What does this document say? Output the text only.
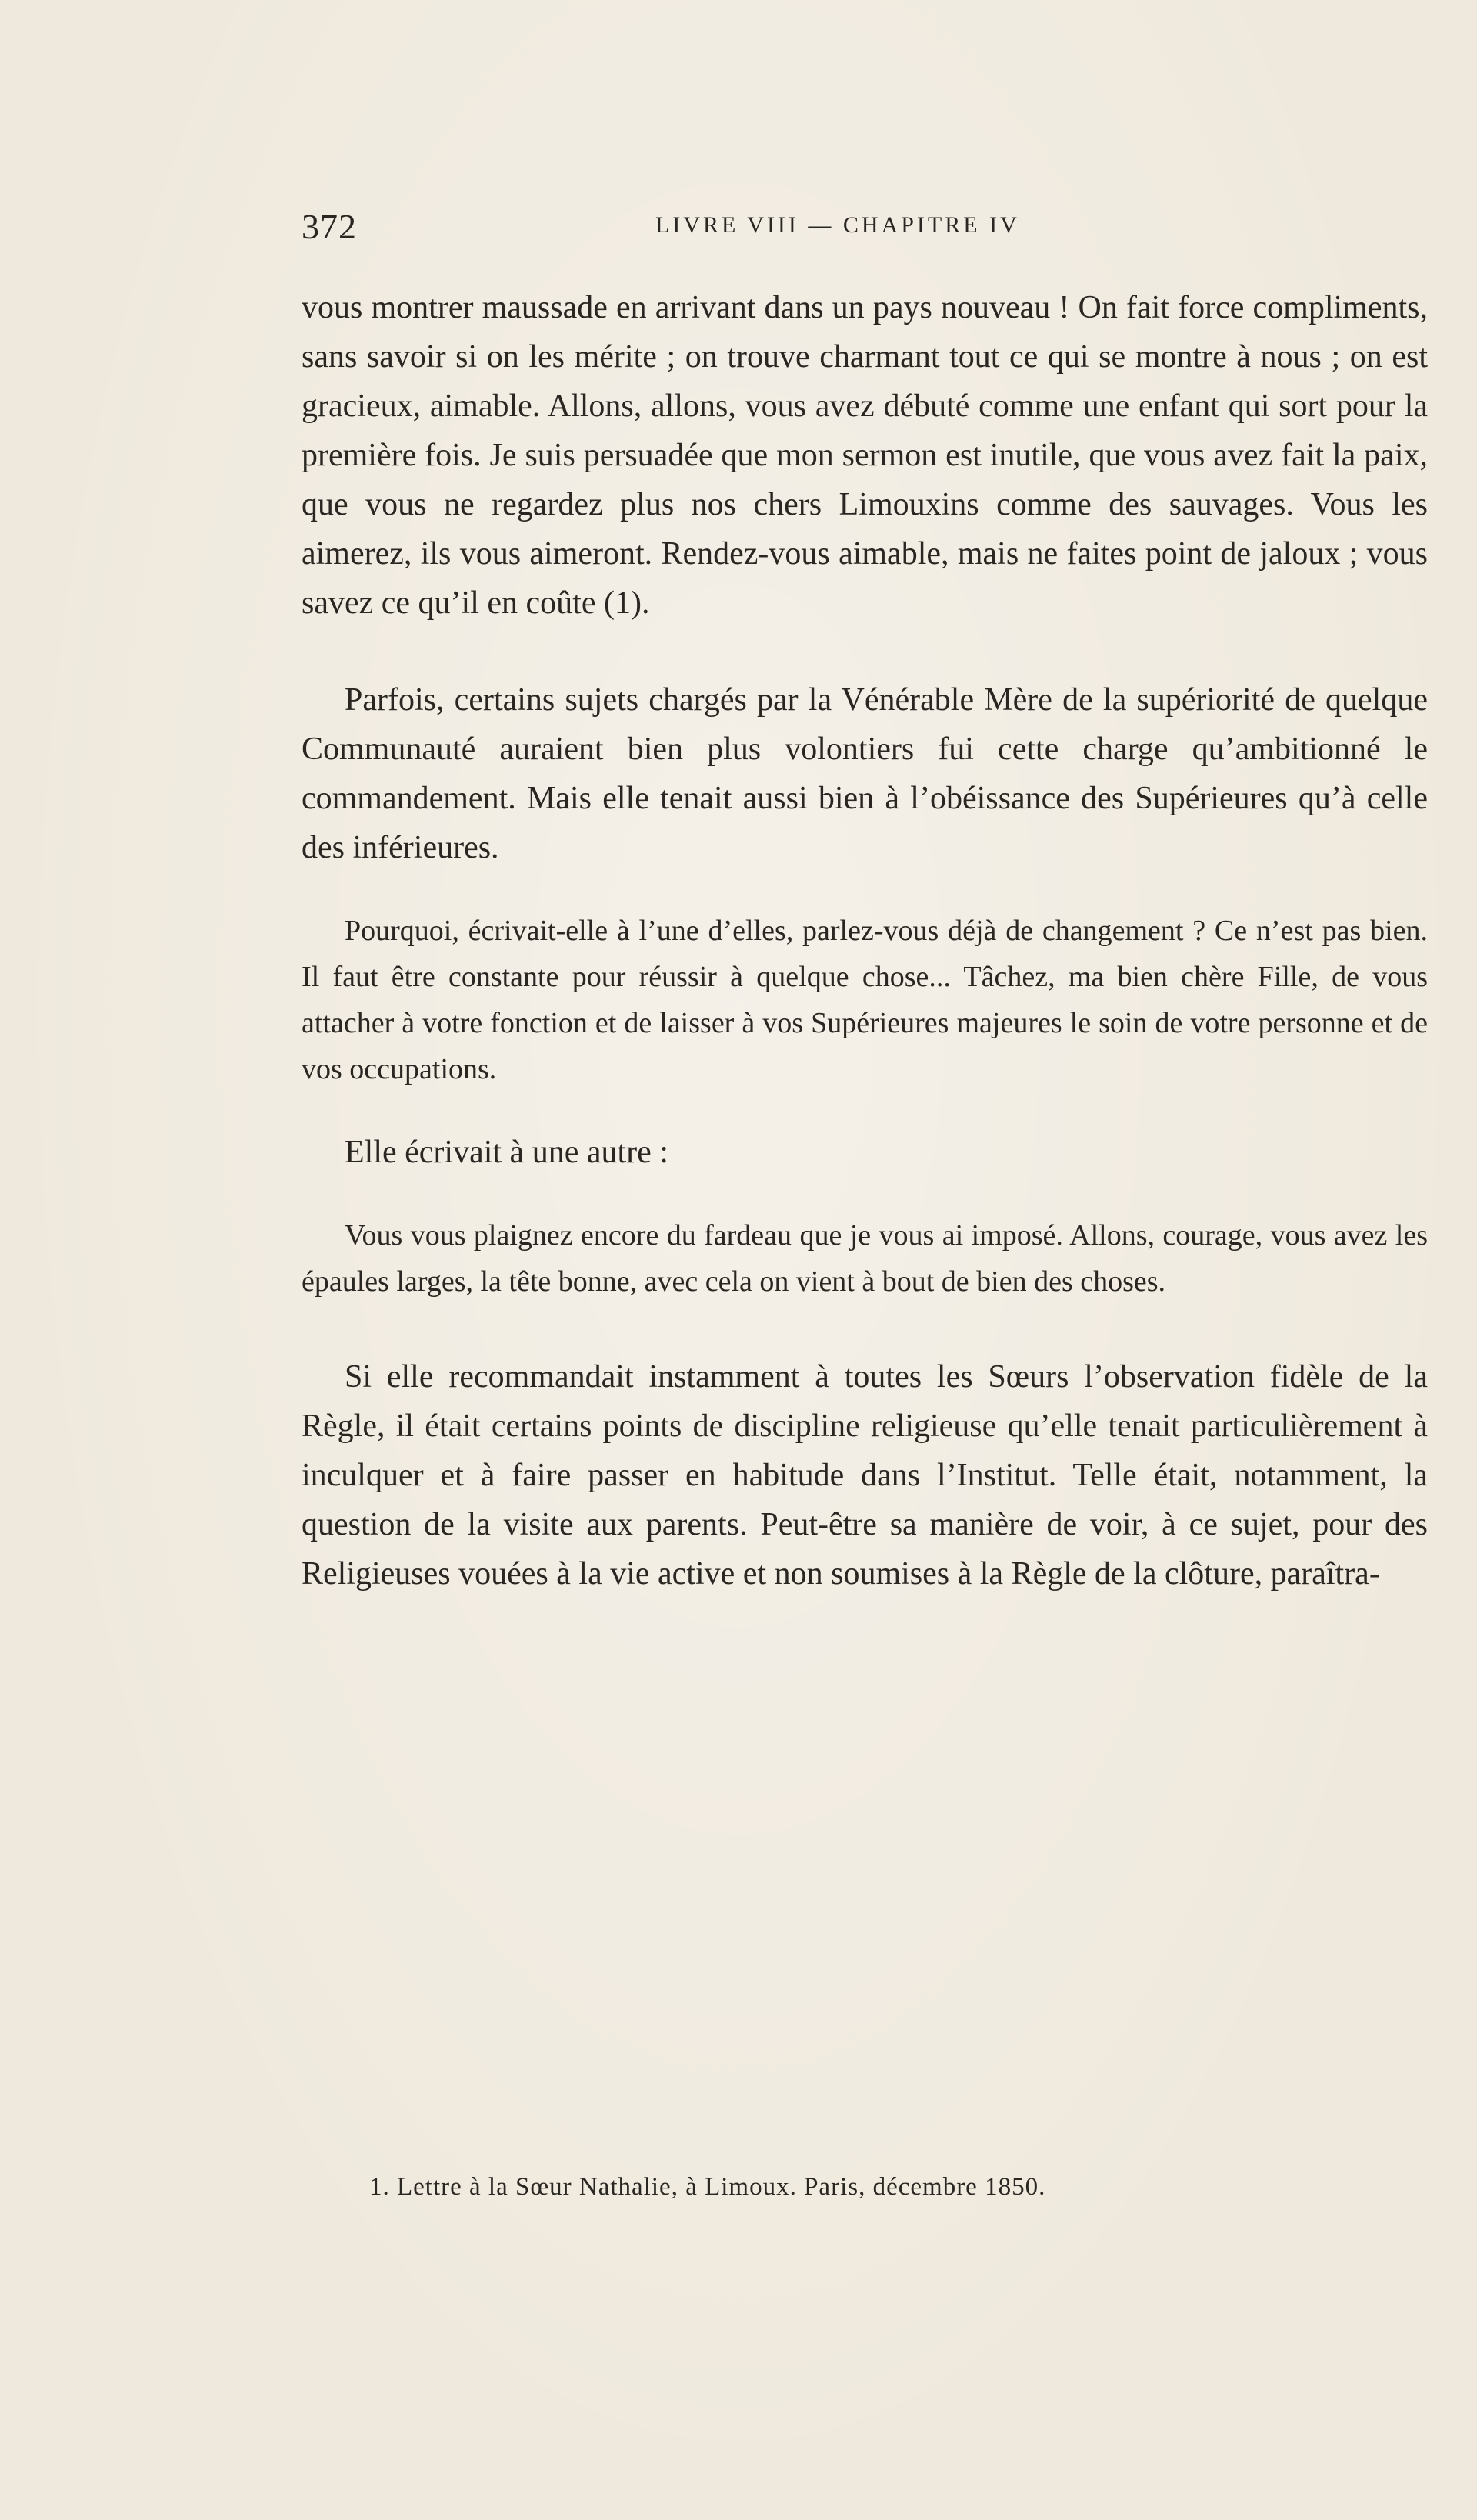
372	LIVRE VIII — CHAPITRE IV

vous montrer maussade en arrivant dans un pays nouveau ! On fait force compliments, sans savoir si on les mérite ; on trouve charmant tout ce qui se montre à nous ; on est gracieux, aimable. Allons, allons, vous avez débuté comme une enfant qui sort pour la première fois. Je suis persuadée que mon sermon est inutile, que vous avez fait la paix, que vous ne regardez plus nos chers Limouxins comme des sauvages. Vous les aimerez, ils vous aimeront. Rendez-vous aimable, mais ne faites point de jaloux ; vous savez ce qu’il en coûte (1).

Parfois, certains sujets chargés par la Vénérable Mère de la supériorité de quelque Communauté auraient bien plus volontiers fui cette charge qu’ambitionné le commandement. Mais elle tenait aussi bien à l’obéissance des Supérieures qu’à celle des inférieures.

Pourquoi, écrivait-elle à l’une d’elles, parlez-vous déjà de changement ? Ce n’est pas bien. Il faut être constante pour réussir à quelque chose... Tâchez, ma bien chère Fille, de vous attacher à votre fonction et de laisser à vos Supérieures majeures le soin de votre personne et de vos occupations.

Elle écrivait à une autre :

Vous vous plaignez encore du fardeau que je vous ai imposé. Allons, courage, vous avez les épaules larges, la tête bonne, avec cela on vient à bout de bien des choses.

Si elle recommandait instamment à toutes les Sœurs l’observation fidèle de la Règle, il était certains points de discipline religieuse qu’elle tenait particulièrement à inculquer et à faire passer en habitude dans l’Institut. Telle était, notamment, la question de la visite aux parents. Peut-être sa manière de voir, à ce sujet, pour des Religieuses vouées à la vie active et non soumises à la Règle de la clôture, paraîtra-

1. Lettre à la Sœur Nathalie, à Limoux. Paris, décembre 1850.
